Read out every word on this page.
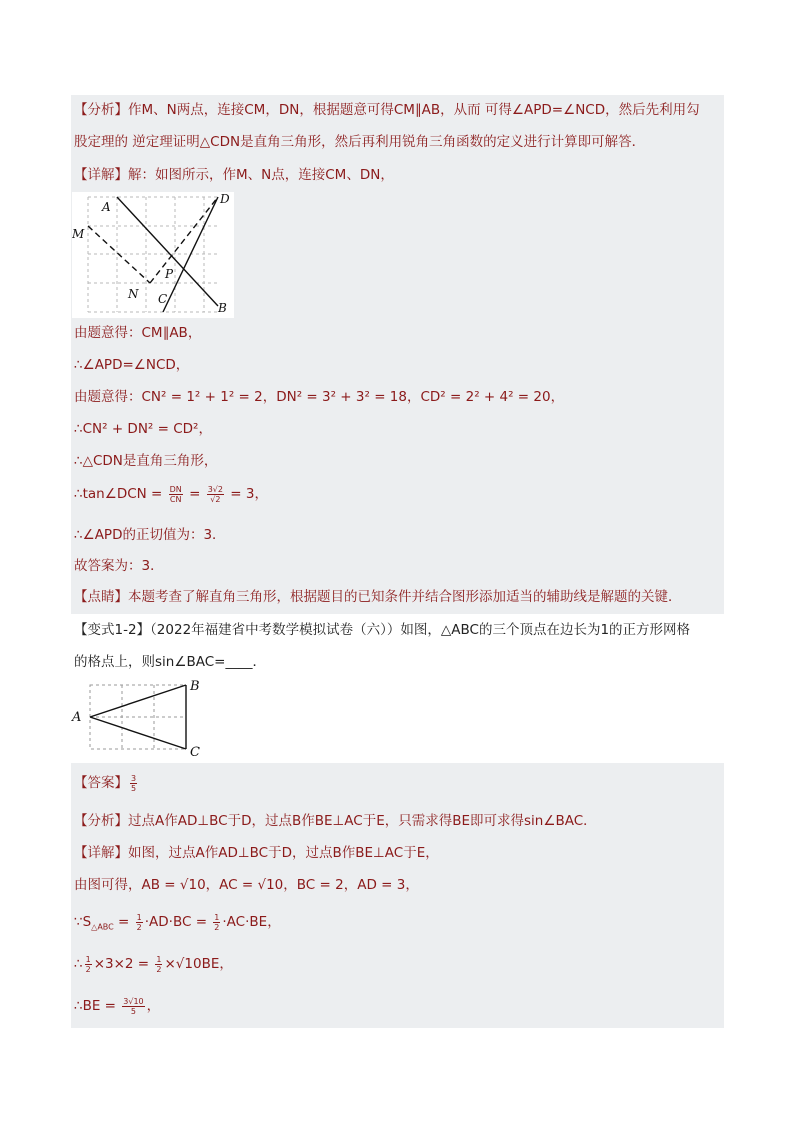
【分析】作M、N两点，连接CM，DN，根据题意可得CM∥AB，从而 可得∠APD=∠NCD，然后先利用勾
股定理的 逆定理证明△CDN是直角三角形，然后再利用锐角三角函数的定义进行计算即可解答．
【详解】解：如图所示，作M、N点，连接CM、DN，
A
D
M
P
N C
B
由题意得：CM∥AB，
∴∠APD=∠NCD，
由题意得：CN² = 1² + 1² = 2，DN² = 3² + 3² = 18，CD² = 2² + 4² = 20，
∴CN² + DN² = CD²，
∴△CDN是直角三角形，
∴tan∠DCN = $\frac{DN}{CN} = \frac{3√2}{√2} = 3$，
∴∠APD的正切值为：3．
故答案为：3．
【点睛】本题考查了解直角三角形，根据题目的已知条件并结合图形添加适当的辅助线是解题的关键．
【变式1-2】（2022年福建省中考数学模拟试卷（六））如图，△ABC的三个顶点在边长为1的正方形网格
的格点上，则sin∠BAC=____．
A
B
C
【答案】 $\frac{3}{5}$
【分析】过点A作AD⊥BC于D，过点B作BE⊥AC于E，只需求得BE即可求得sin∠BAC．
【详解】如图，过点A作AD⊥BC于D，过点B作BE⊥AC于E，
由图可得，AB = √10，AC = √10，BC = 2，AD = 3，
$\because S_{\triangle ABC} = \frac{1}{2} \cdot AD\cdot BC = \frac{1}{2} \cdot AC\cdot BE$，
∴ $\frac{1}{2} \times 3\times 2 = \frac{1}{2} \times√10BE$，
∴BE = $\frac{3√10}{5}$ ，
